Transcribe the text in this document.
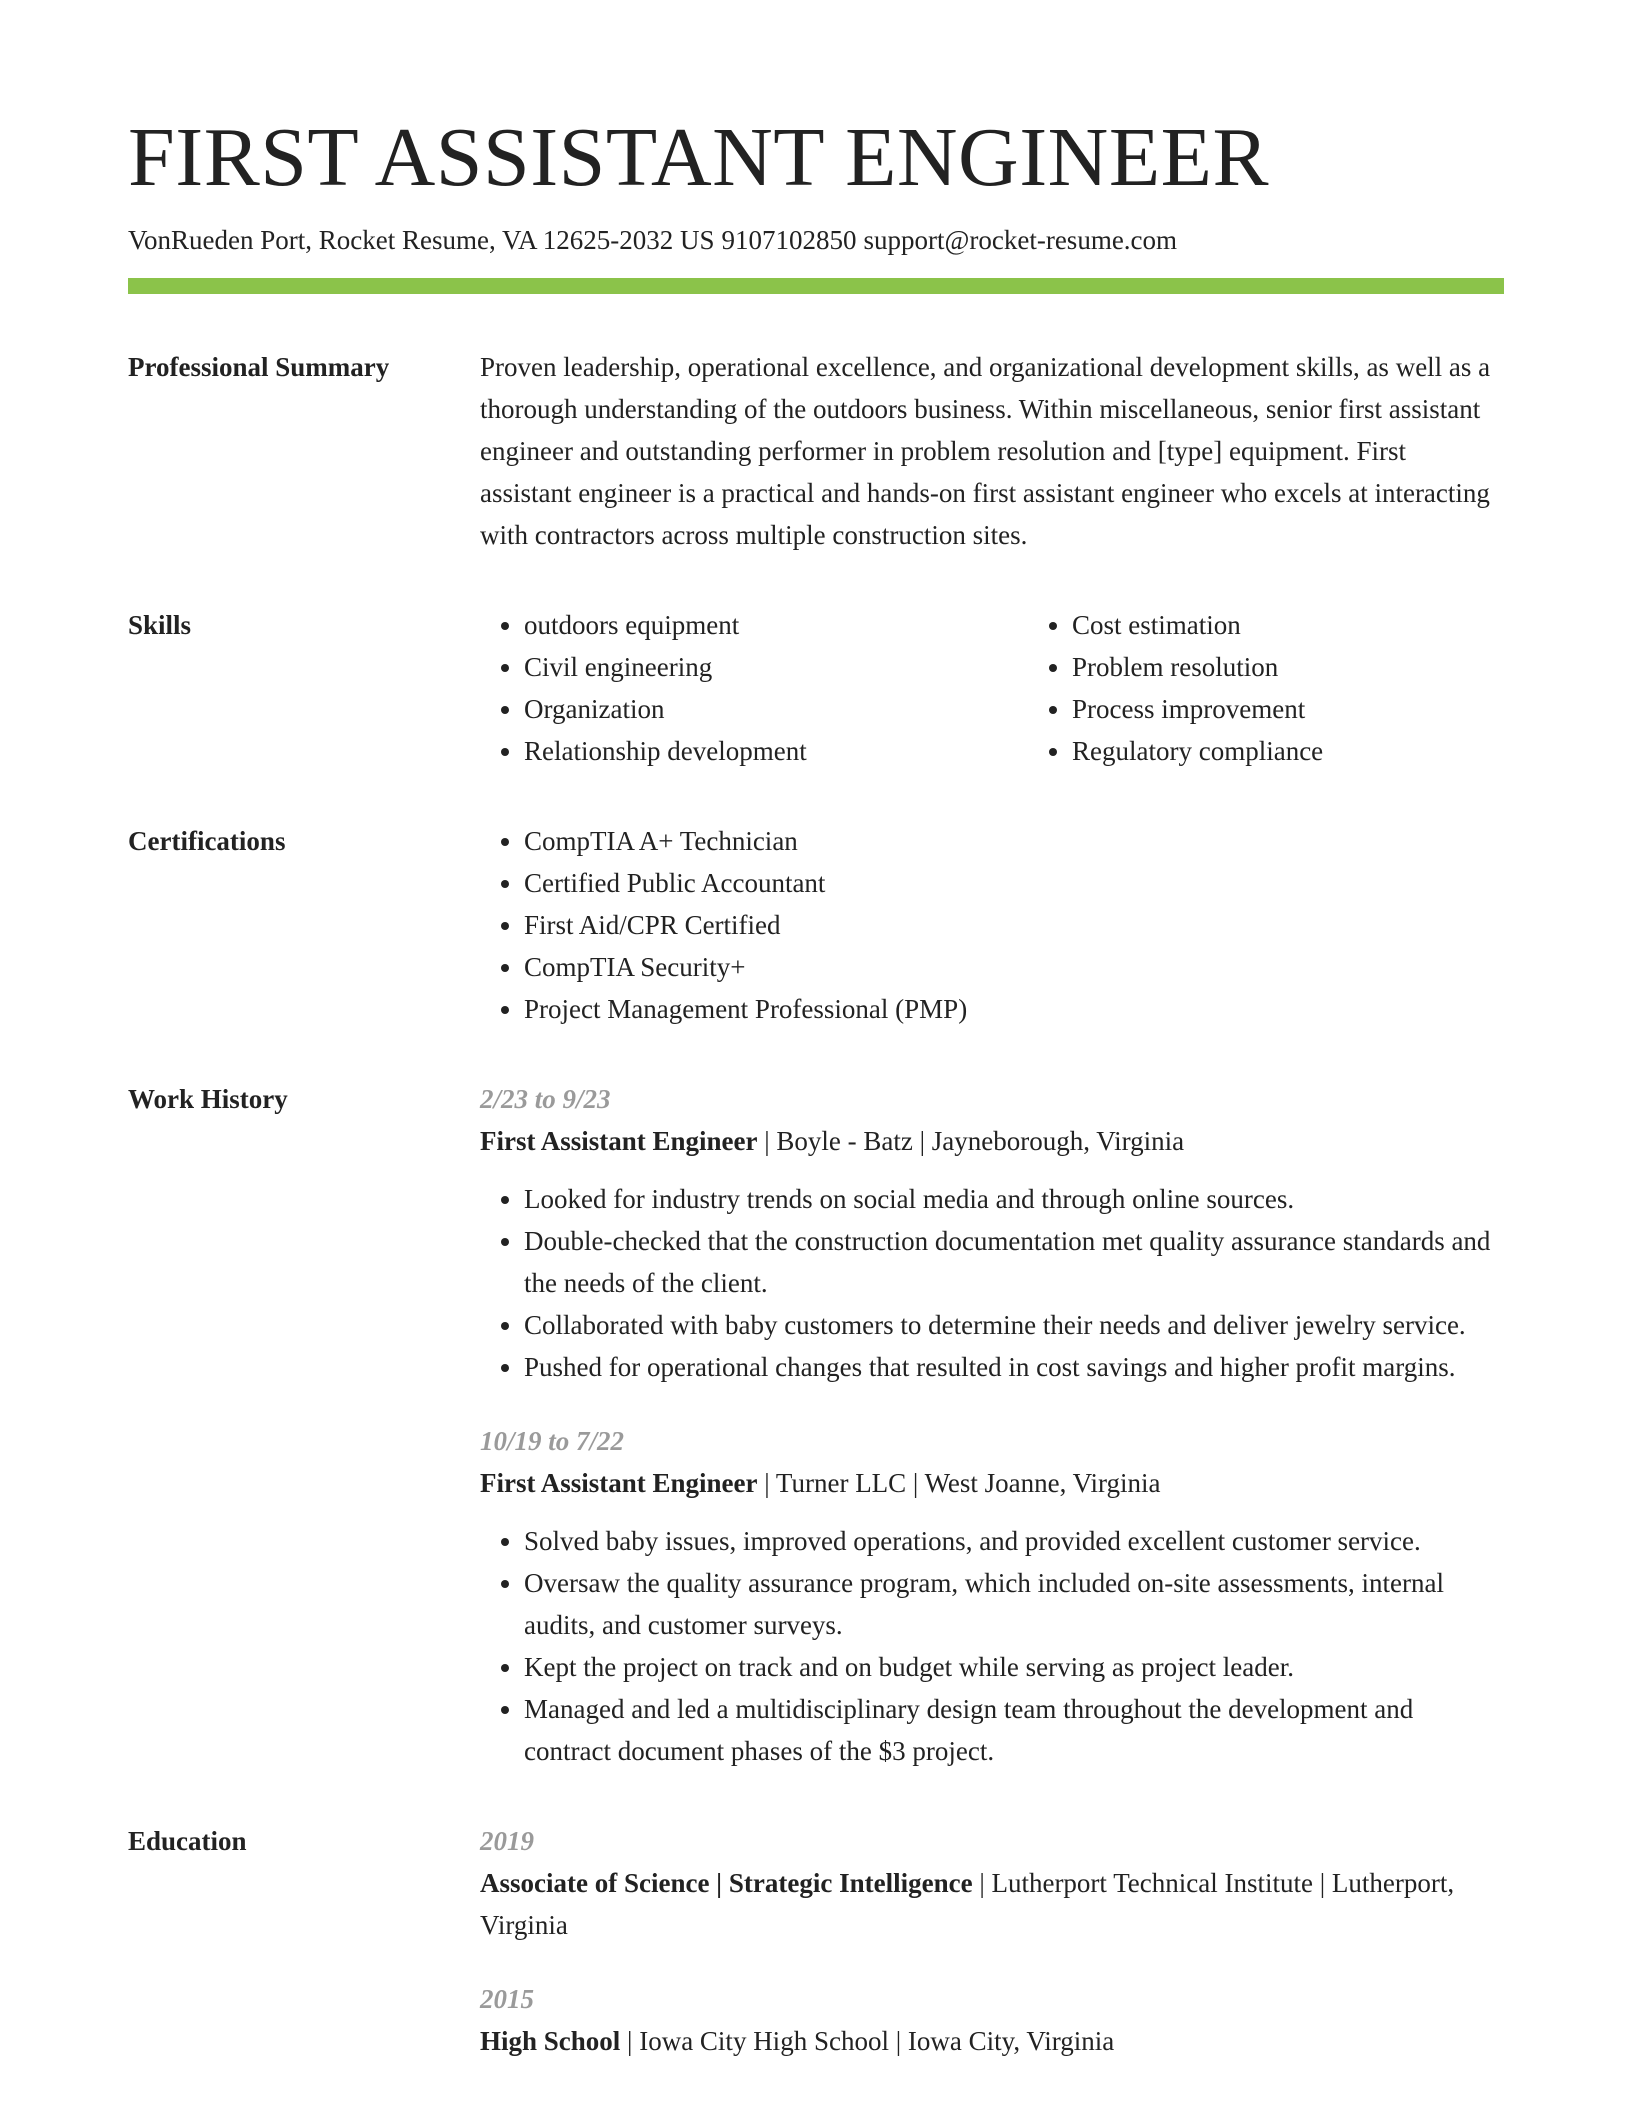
FIRST ASSISTANT ENGINEER
VonRueden Port, Rocket Resume, VA 12625-2032 US 9107102850 support@rocket-resume.com
Professional Summary	Proven leadership, operational excellence, and organizational development skills, as well as a thorough understanding of the outdoors business. Within miscellaneous, senior first assistant engineer and outstanding performer in problem resolution and [type] equipment. First assistant engineer is a practical and hands-on first assistant engineer who excels at interacting with contractors across multiple construction sites.

Skills	• outdoors equipment
• Civil engineering
• Organization
• Relationship development
• Cost estimation
• Problem resolution
• Process improvement
• Regulatory compliance
Certifications	• CompTIA A+ Technician
• Certified Public Accountant
• First Aid/CPR Certified
• CompTIA Security+
• Project Management Professional (PMP)
Work History	2/23 to 9/23
First Assistant Engineer | Boyle - Batz | Jayneborough, Virginia
• Looked for industry trends on social media and through online sources.
• Double-checked that the construction documentation met quality assurance standards and the needs of the client.
• Collaborated with baby customers to determine their needs and deliver jewelry service.
• Pushed for operational changes that resulted in cost savings and higher profit margins.
10/19 to 7/22
First Assistant Engineer | Turner LLC | West Joanne, Virginia
• Solved baby issues, improved operations, and provided excellent customer service.
• Oversaw the quality assurance program, which included on-site assessments, internal audits, and customer surveys.
• Kept the project on track and on budget while serving as project leader.
• Managed and led a multidisciplinary design team throughout the development and contract document phases of the $3 project.
Education	2019
Associate of Science | Strategic Intelligence | Lutherport Technical Institute | Lutherport, Virginia
2015
High School | Iowa City High School | Iowa City, Virginia
